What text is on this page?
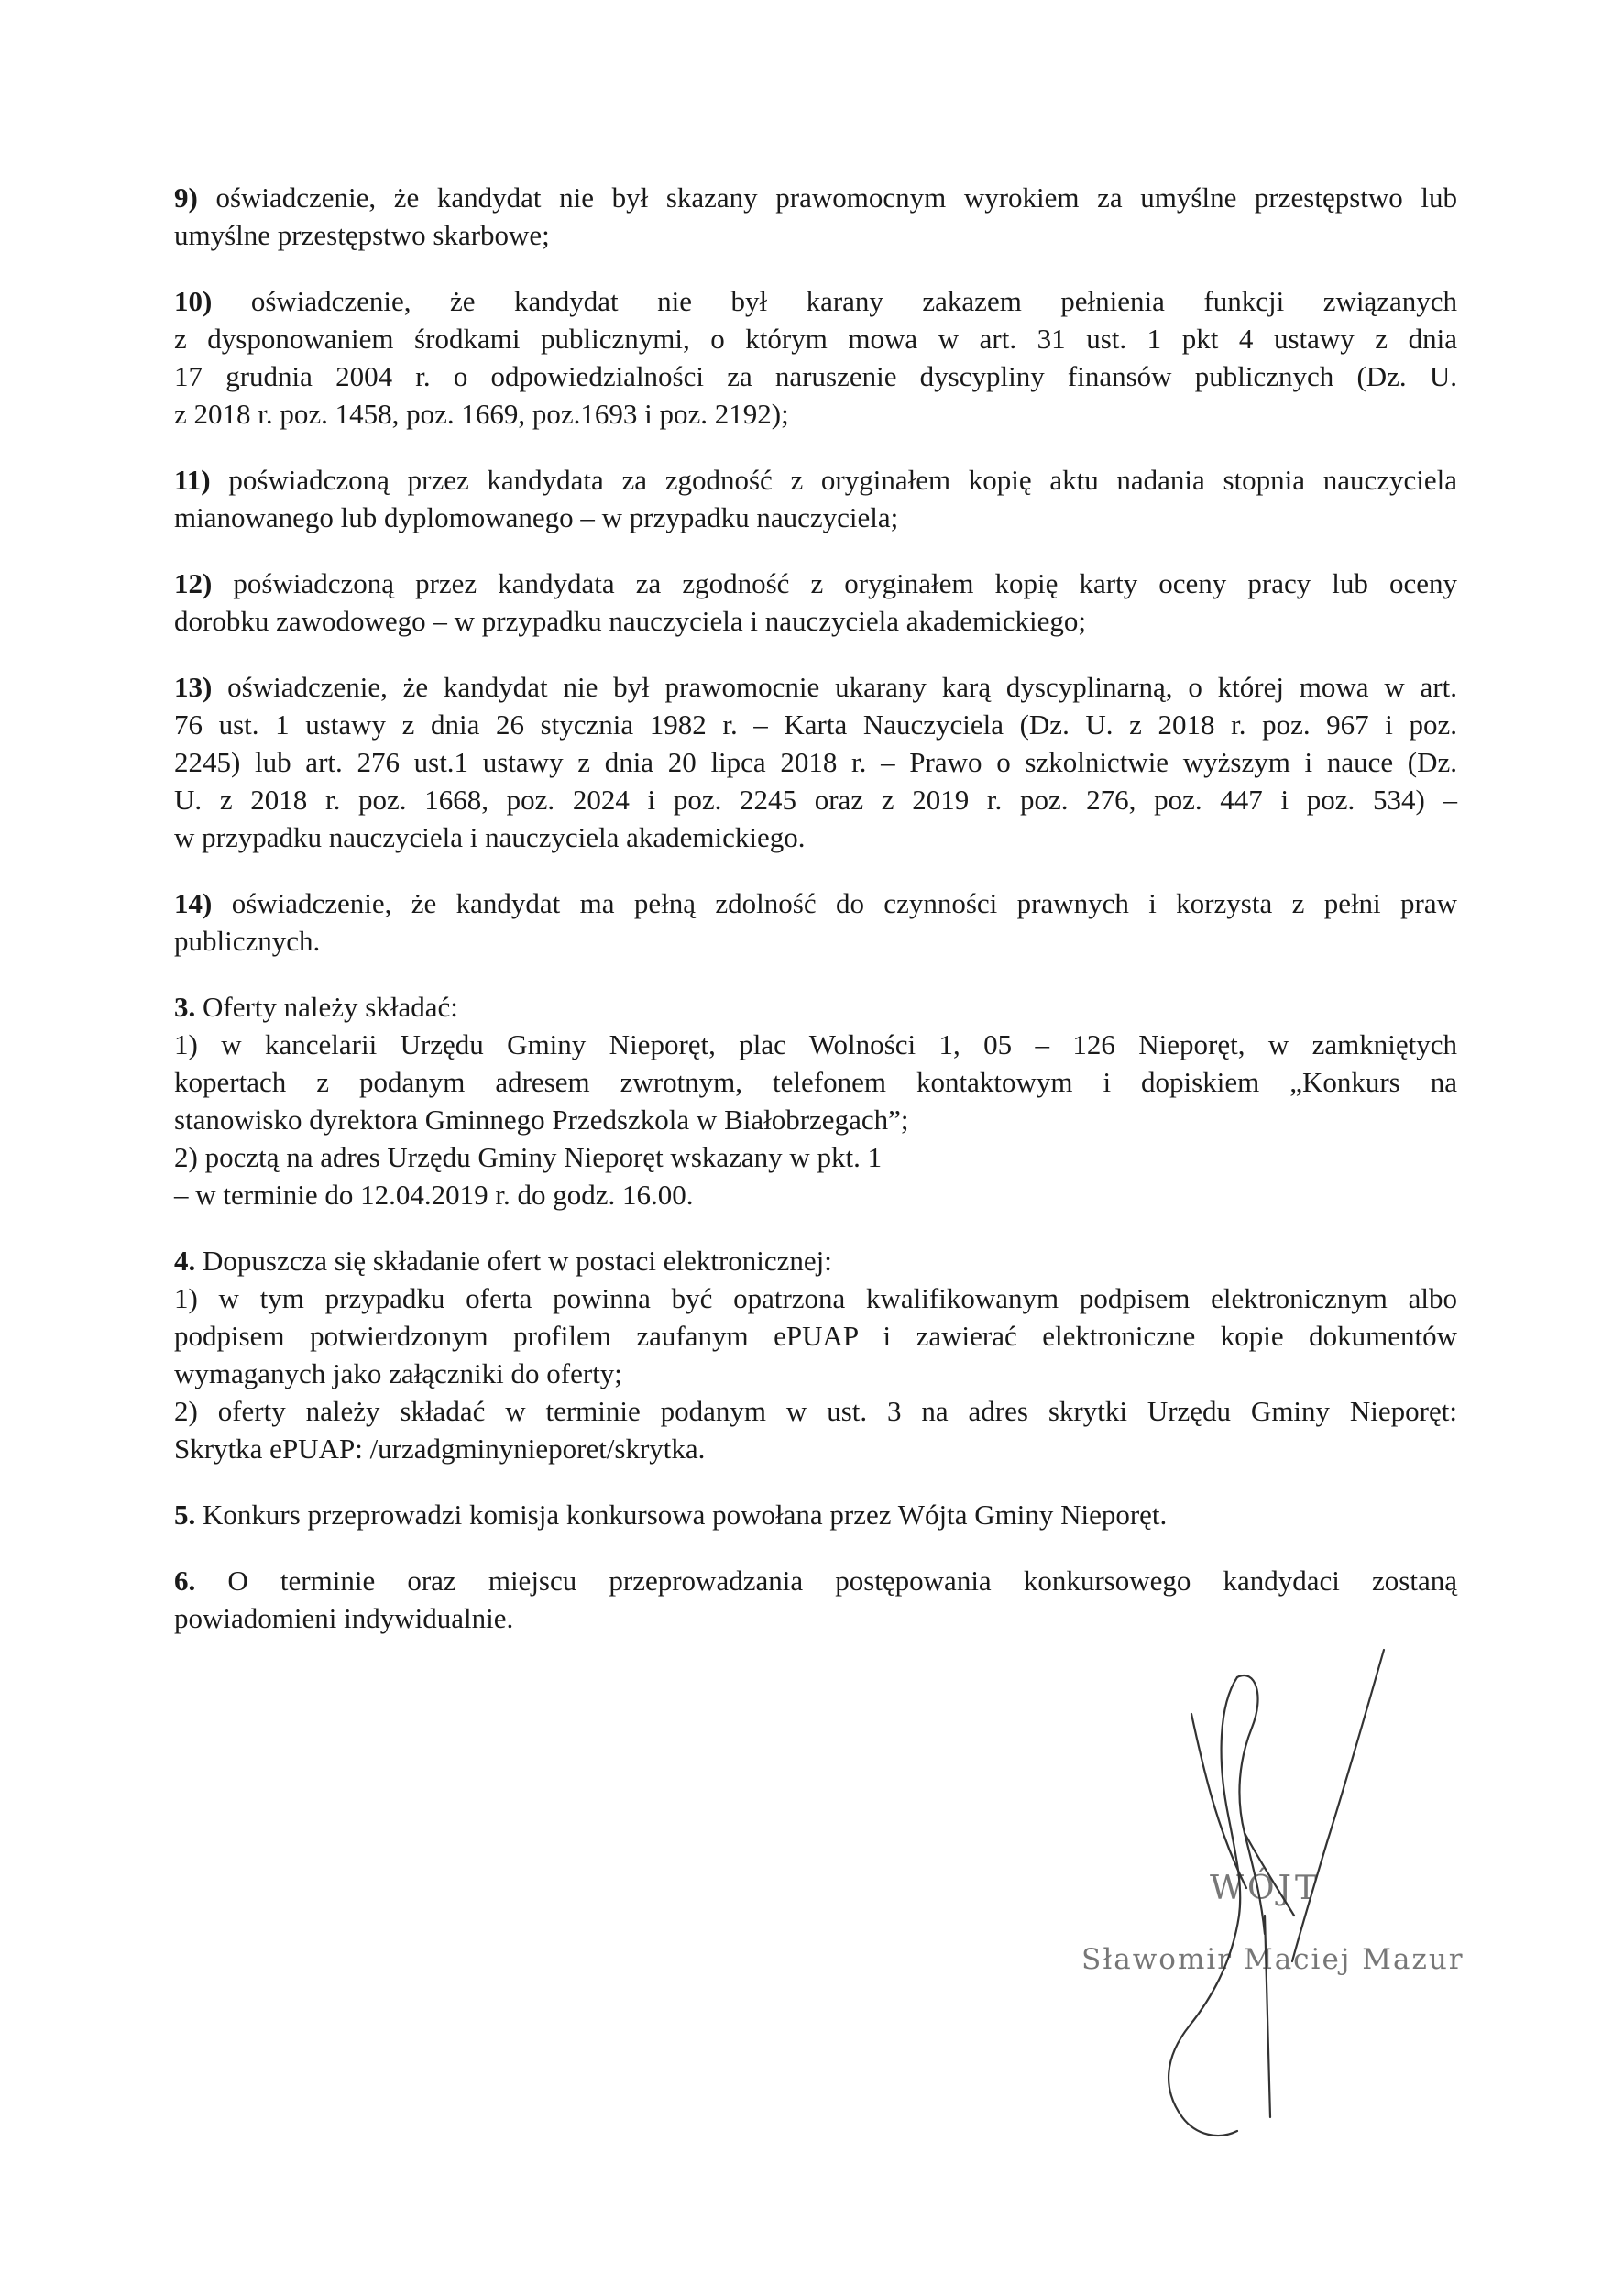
9) oświadczenie, że kandydat nie był skazany prawomocnym wyrokiem za umyślne przestępstwo lub
umyślne przestępstwo skarbowe;

10) oświadczenie, że kandydat nie był karany zakazem pełnienia funkcji związanych
z dysponowaniem środkami publicznymi, o którym mowa w art. 31 ust. 1 pkt 4 ustawy z dnia
17 grudnia 2004 r. o odpowiedzialności za naruszenie dyscypliny finansów publicznych (Dz. U.
z 2018 r. poz. 1458, poz. 1669, poz.1693 i poz. 2192);

11) poświadczoną przez kandydata za zgodność z oryginałem kopię aktu nadania stopnia nauczyciela
mianowanego lub dyplomowanego – w przypadku nauczyciela;

12) poświadczoną przez kandydata za zgodność z oryginałem kopię karty oceny pracy lub oceny
dorobku zawodowego – w przypadku nauczyciela i nauczyciela akademickiego;

13) oświadczenie, że kandydat nie był prawomocnie ukarany karą dyscyplinarną, o której mowa w art.
76 ust. 1 ustawy z dnia 26 stycznia 1982 r. – Karta Nauczyciela (Dz. U. z 2018 r. poz. 967 i poz.
2245) lub art. 276 ust.1 ustawy z dnia 20 lipca 2018 r. – Prawo o szkolnictwie wyższym i nauce (Dz.
U. z 2018 r. poz. 1668, poz. 2024 i poz. 2245 oraz z 2019 r. poz. 276, poz. 447 i poz. 534) –
w przypadku nauczyciela i nauczyciela akademickiego.

14) oświadczenie, że kandydat ma pełną zdolność do czynności prawnych i korzysta z pełni praw
publicznych.

3. Oferty należy składać:
1) w kancelarii Urzędu Gminy Nieporęt, plac Wolności 1, 05 – 126 Nieporęt, w zamkniętych
kopertach z podanym adresem zwrotnym, telefonem kontaktowym i dopiskiem „Konkurs na
stanowisko dyrektora Gminnego Przedszkola w Białobrzegach”;
2) pocztą na adres Urzędu Gminy Nieporęt wskazany w pkt. 1
– w terminie do 12.04.2019 r. do godz. 16.00.

4. Dopuszcza się składanie ofert w postaci elektronicznej:
1) w tym przypadku oferta powinna być opatrzona kwalifikowanym podpisem elektronicznym albo
podpisem potwierdzonym profilem zaufanym ePUAP i zawierać elektroniczne kopie dokumentów
wymaganych jako załączniki do oferty;
2) oferty należy składać w terminie podanym w ust. 3 na adres skrytki Urzędu Gminy Nieporęt:
Skrytka ePUAP: /urzadgminynieporet/skrytka.

5. Konkurs przeprowadzi komisja konkursowa powołana przez Wójta Gminy Nieporęt.

6. O terminie oraz miejscu przeprowadzania postępowania konkursowego kandydaci zostaną
powiadomieni indywidualnie.

WÓJT
Sławomir Maciej Mazur
